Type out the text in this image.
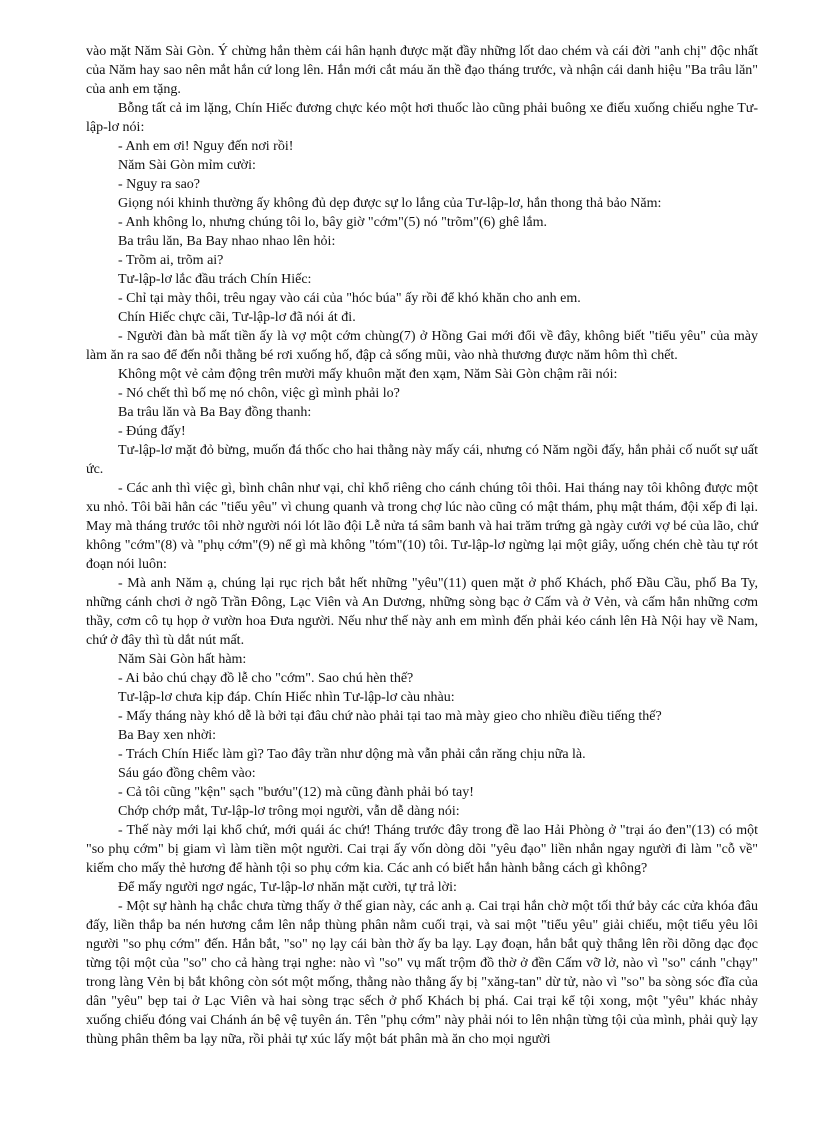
vào mặt Năm Sài Gòn. Ý chừng hắn thèm cái hân hạnh được mặt đầy những lốt dao chém và cái đời "anh chị" độc nhất của Năm hay sao nên mắt hắn cứ long lên. Hắn mới cắt máu ăn thề đạo tháng trước, và nhận cái danh hiệu "Ba trâu lăn" của anh em tặng.

Bỗng tất cả im lặng, Chín Hiếc đương chực kéo một hơi thuốc lào cũng phải buông xe điếu xuống chiếu nghe Tư-lập-lơ nói:

- Anh em ơi! Nguy đến nơi rồi!

Năm Sài Gòn mỉm cười:

- Nguy ra sao?

Giọng nói khinh thường ấy không đủ dẹp được sự lo lắng của Tư-lập-lơ, hắn thong thả bảo Năm:

- Anh không lo, nhưng chúng tôi lo, bây giờ "cớm"(5) nó "trõm"(6) ghê lắm.

Ba trâu lăn, Ba Bay nhao nhao lên hỏi:

- Trõm ai, trõm ai?

Tư-lập-lơ lắc đầu trách Chín Hiếc:

- Chỉ tại mày thôi, trêu ngay vào cái của "hóc búa" ấy rồi để khó khăn cho anh em.

Chín Hiếc chực cãi, Tư-lập-lơ đã nói át đi.

- Người đàn bà mất tiền ấy là vợ một cớm chùng(7) ở Hồng Gai mới đổi về đây, không biết "tiểu yêu" của mày làm ăn ra sao để đến nỗi thằng bé rơi xuống hố, đập cả sống mũi, vào nhà thương được năm hôm thì chết.

Không một vẻ cảm động trên mười mấy khuôn mặt đen xạm, Năm Sài Gòn chậm rãi nói:

- Nó chết thì bố mẹ nó chôn, việc gì mình phải lo?

Ba trâu lăn và Ba Bay đồng thanh:

- Đúng đấy!

Tư-lập-lơ mặt đỏ bừng, muốn đá thốc cho hai thằng này mấy cái, nhưng có Năm ngồi đấy, hắn phải cố nuốt sự uất ức.

- Các anh thì việc gì, bình chân như vại, chỉ khổ riêng cho cánh chúng tôi thôi. Hai tháng nay tôi không được một xu nhỏ. Tôi bãi hẳn các "tiểu yêu" vì chung quanh và trong chợ lúc nào cũng có mật thám, phụ mật thám, đội xếp đi lại. May mà tháng trước tôi nhờ người nói lót lão đội Lễ nửa tá sâm banh và hai trăm trứng gà ngày cưới vợ bé của lão, chứ không "cớm"(8) và "phụ cớm"(9) nể gì mà không "tóm"(10) tôi. Tư-lập-lơ ngừng lại một giây, uống chén chè tàu tự rót đoạn nói luôn:

- Mà anh Năm ạ, chúng lại rục rịch bắt hết những "yêu"(11) quen mặt ở phố Khách, phố Đầu Cầu, phố Ba Ty, những cánh chơi ở ngõ Trần Đông, Lạc Viên và An Dương, những sòng bạc ở Cấm và ở Vẻn, và cấm hẳn những cơm thầy, cơm cô tụ họp ở vườn hoa Đưa người. Nếu như thế này anh em mình đến phải kéo cánh lên Hà Nội hay về Nam, chứ ở đây thì tù dắt nút mất.

Năm Sài Gòn hất hàm:

- Ai bảo chú chạy đồ lễ cho "cớm". Sao chú hèn thế?

Tư-lập-lơ chưa kịp đáp. Chín Hiếc nhìn Tư-lập-lơ càu nhàu:

- Mấy tháng này khó dễ là bởi tại đâu chứ nào phải tại tao mà mày gieo cho nhiều điều tiếng thế?

Ba Bay xen nhời:

- Trách Chín Hiếc làm gì? Tao đây trần như dộng mà vẫn phải cắn răng chịu nữa là.

Sáu gáo đồng chêm vào:

- Cả tôi cũng "kện" sạch "bướu"(12) mà cũng đành phải bó tay!

Chớp chớp mắt, Tư-lập-lơ trông mọi người, vẫn dễ dàng nói:

- Thế này mới lại khổ chứ, mới quái ác chứ! Tháng trước đây trong đề lao Hải Phòng ở "trại áo đen"(13) có một "so phụ cớm" bị giam vì làm tiền một người. Cai trại ấy vốn dòng dõi "yêu đạo" liền nhắn ngay người đi làm "cỗ về" kiếm cho mấy thẻ hương để hành tội so phụ cớm kia. Các anh có biết hắn hành bằng cách gì không?

Để mấy người ngơ ngác, Tư-lập-lơ nhăn mặt cười, tự trả lời:

- Một sự hành hạ chắc chưa từng thấy ở thế gian này, các anh ạ. Cai trại hắn chờ một tối thứ bảy các cửa khóa đâu đấy, liền thắp ba nén hương cắm lên nắp thùng phân nằm cuối trại, và sai một "tiểu yêu" giải chiếu, một tiểu yêu lôi người "so phụ cớm" đến. Hắn bắt, "so" nọ lạy cái bàn thờ ấy ba lạy. Lạy đoạn, hắn bắt quỳ thẳng lên rồi dõng dạc đọc từng tội một của "so" cho cả hàng trại nghe: nào vì "so" vụ mất trộm đồ thờ ở đền Cấm vỡ lở, nào vì "so" cánh "chạy" trong làng Vẻn bị bắt không còn sót một mống, thằng nào thằng ấy bị "xăng-tan" dừ tử, nào vì "so" ba sòng sóc đĩa của dân "yêu" bẹp tai ở Lạc Viên và hai sòng trạc sếch ở phố Khách bị phá. Cai trại kể tội xong, một "yêu" khác nhảy xuống chiếu đóng vai Chánh án bệ vệ tuyên án. Tên "phụ cớm" này phải nói to lên nhận từng tội của mình, phải quỳ lạy thùng phân thêm ba lạy nữa, rồi phải tự xúc lấy một bát phân mà ăn cho mọi người
